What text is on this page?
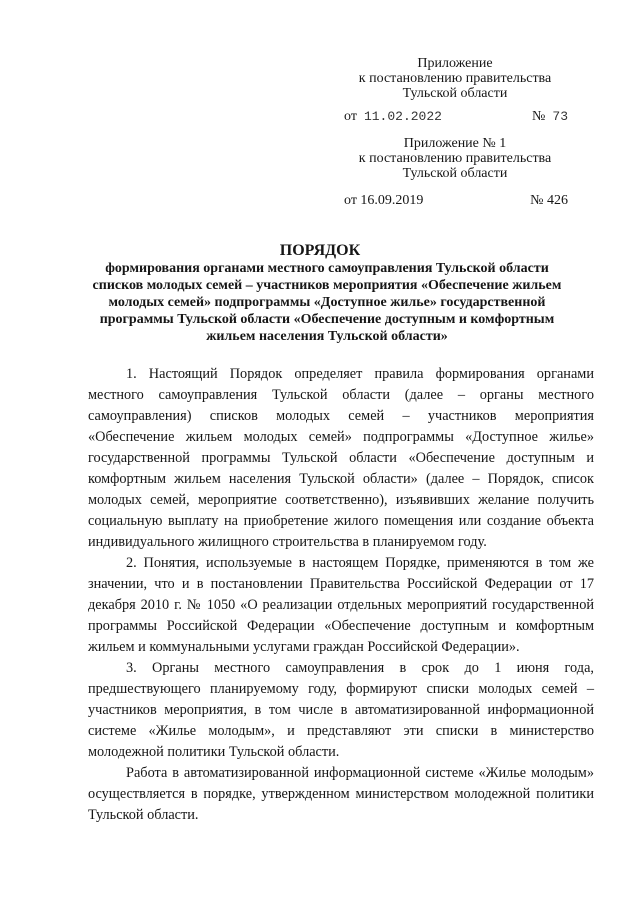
Приложение
к постановлению правительства
Тульской области
от 11.02.2022	№ 73
Приложение № 1
к постановлению правительства
Тульской области
от 16.09.2019	№ 426
ПОРЯДОК
формирования органами местного самоуправления Тульской области списков молодых семей – участников мероприятия «Обеспечение жильем молодых семей» подпрограммы «Доступное жилье» государственной программы Тульской области «Обеспечение доступным и комфортным жильем населения Тульской области»

1. Настоящий Порядок определяет правила формирования органами местного самоуправления Тульской области (далее – органы местного самоуправления) списков молодых семей – участников мероприятия «Обеспечение жильем молодых семей» подпрограммы «Доступное жилье» государственной программы Тульской области «Обеспечение доступным и комфортным жильем населения Тульской области» (далее – Порядок, список молодых семей, мероприятие соответственно), изъявивших желание получить социальную выплату на приобретение жилого помещения или создание объекта индивидуального жилищного строительства в планируемом году.

2. Понятия, используемые в настоящем Порядке, применяются в том же значении, что и в постановлении Правительства Российской Федерации от 17 декабря 2010 г. № 1050 «О реализации отдельных мероприятий государственной программы Российской Федерации «Обеспечение доступным и комфортным жильем и коммунальными услугами граждан Российской Федерации».

3. Органы местного самоуправления в срок до 1 июня года, предшествующего планируемому году, формируют списки молодых семей – участников мероприятия, в том числе в автоматизированной информационной системе «Жилье молодым», и представляют эти списки в министерство молодежной политики Тульской области.

Работа в автоматизированной информационной системе «Жилье молодым» осуществляется в порядке, утвержденном министерством молодежной политики Тульской области.
